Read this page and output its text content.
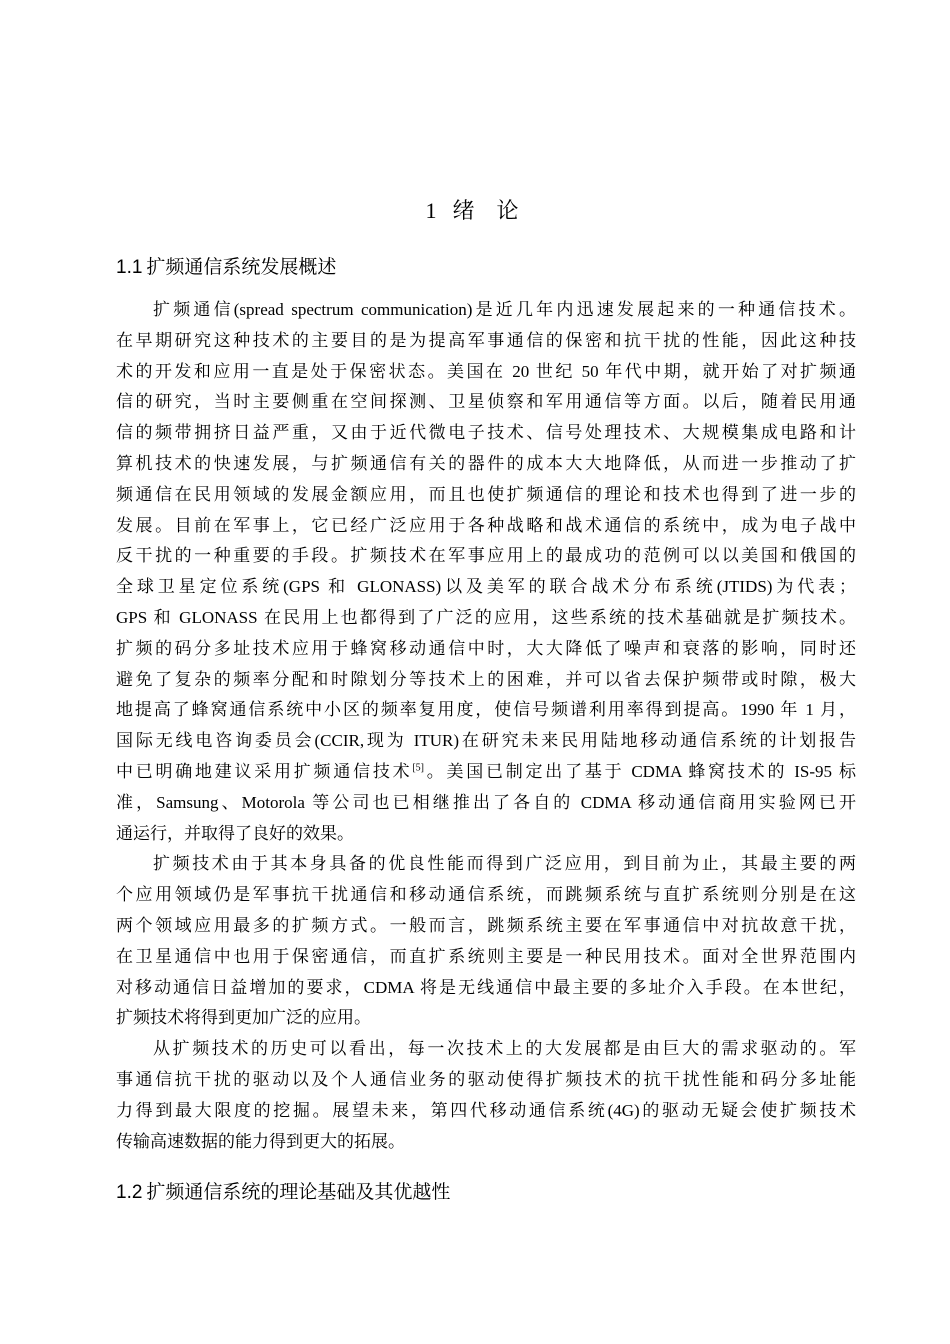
1 绪 论
1.1 扩频通信系统发展概述
扩频通信(spread spectrum communication)是近几年内迅速发展起来的一种通信技术。
在早期研究这种技术的主要目的是为提高军事通信的保密和抗干扰的性能，因此这种技
术的开发和应用一直是处于保密状态。美国在 20 世纪 50 年代中期，就开始了对扩频通
信的研究，当时主要侧重在空间探测、卫星侦察和军用通信等方面。以后，随着民用通
信的频带拥挤日益严重，又由于近代微电子技术、信号处理技术、大规模集成电路和计
算机技术的快速发展，与扩频通信有关的器件的成本大大地降低，从而进一步推动了扩
频通信在民用领域的发展金额应用，而且也使扩频通信的理论和技术也得到了进一步的
发展。目前在军事上，它已经广泛应用于各种战略和战术通信的系统中，成为电子战中
反干扰的一种重要的手段。扩频技术在军事应用上的最成功的范例可以以美国和俄国的
全球卫星定位系统(GPS 和 GLONASS)以及美军的联合战术分布系统(JTIDS)为代表；
GPS 和 GLONASS 在民用上也都得到了广泛的应用，这些系统的技术基础就是扩频技术。
扩频的码分多址技术应用于蜂窝移动通信中时，大大降低了噪声和衰落的影响，同时还
避免了复杂的频率分配和时隙划分等技术上的困难，并可以省去保护频带或时隙，极大
地提高了蜂窝通信系统中小区的频率复用度，使信号频谱利用率得到提高。1990 年 1 月，
国际无线电咨询委员会(CCIR,现为 ITUR)在研究未来民用陆地移动通信系统的计划报告
中已明确地建议采用扩频通信技术[5]。美国已制定出了基于 CDMA 蜂窝技术的 IS-95 标
准，Samsung、Motorola 等公司也已相继推出了各自的 CDMA 移动通信商用实验网已开
通运行，并取得了良好的效果。
扩频技术由于其本身具备的优良性能而得到广泛应用，到目前为止，其最主要的两
个应用领域仍是军事抗干扰通信和移动通信系统，而跳频系统与直扩系统则分别是在这
两个领域应用最多的扩频方式。一般而言，跳频系统主要在军事通信中对抗故意干扰，
在卫星通信中也用于保密通信，而直扩系统则主要是一种民用技术。面对全世界范围内
对移动通信日益增加的要求，CDMA 将是无线通信中最主要的多址介入手段。在本世纪，
扩频技术将得到更加广泛的应用。
从扩频技术的历史可以看出，每一次技术上的大发展都是由巨大的需求驱动的。军
事通信抗干扰的驱动以及个人通信业务的驱动使得扩频技术的抗干扰性能和码分多址能
力得到最大限度的挖掘。展望未来，第四代移动通信系统(4G)的驱动无疑会使扩频技术
传输高速数据的能力得到更大的拓展。
1.2 扩频通信系统的理论基础及其优越性
